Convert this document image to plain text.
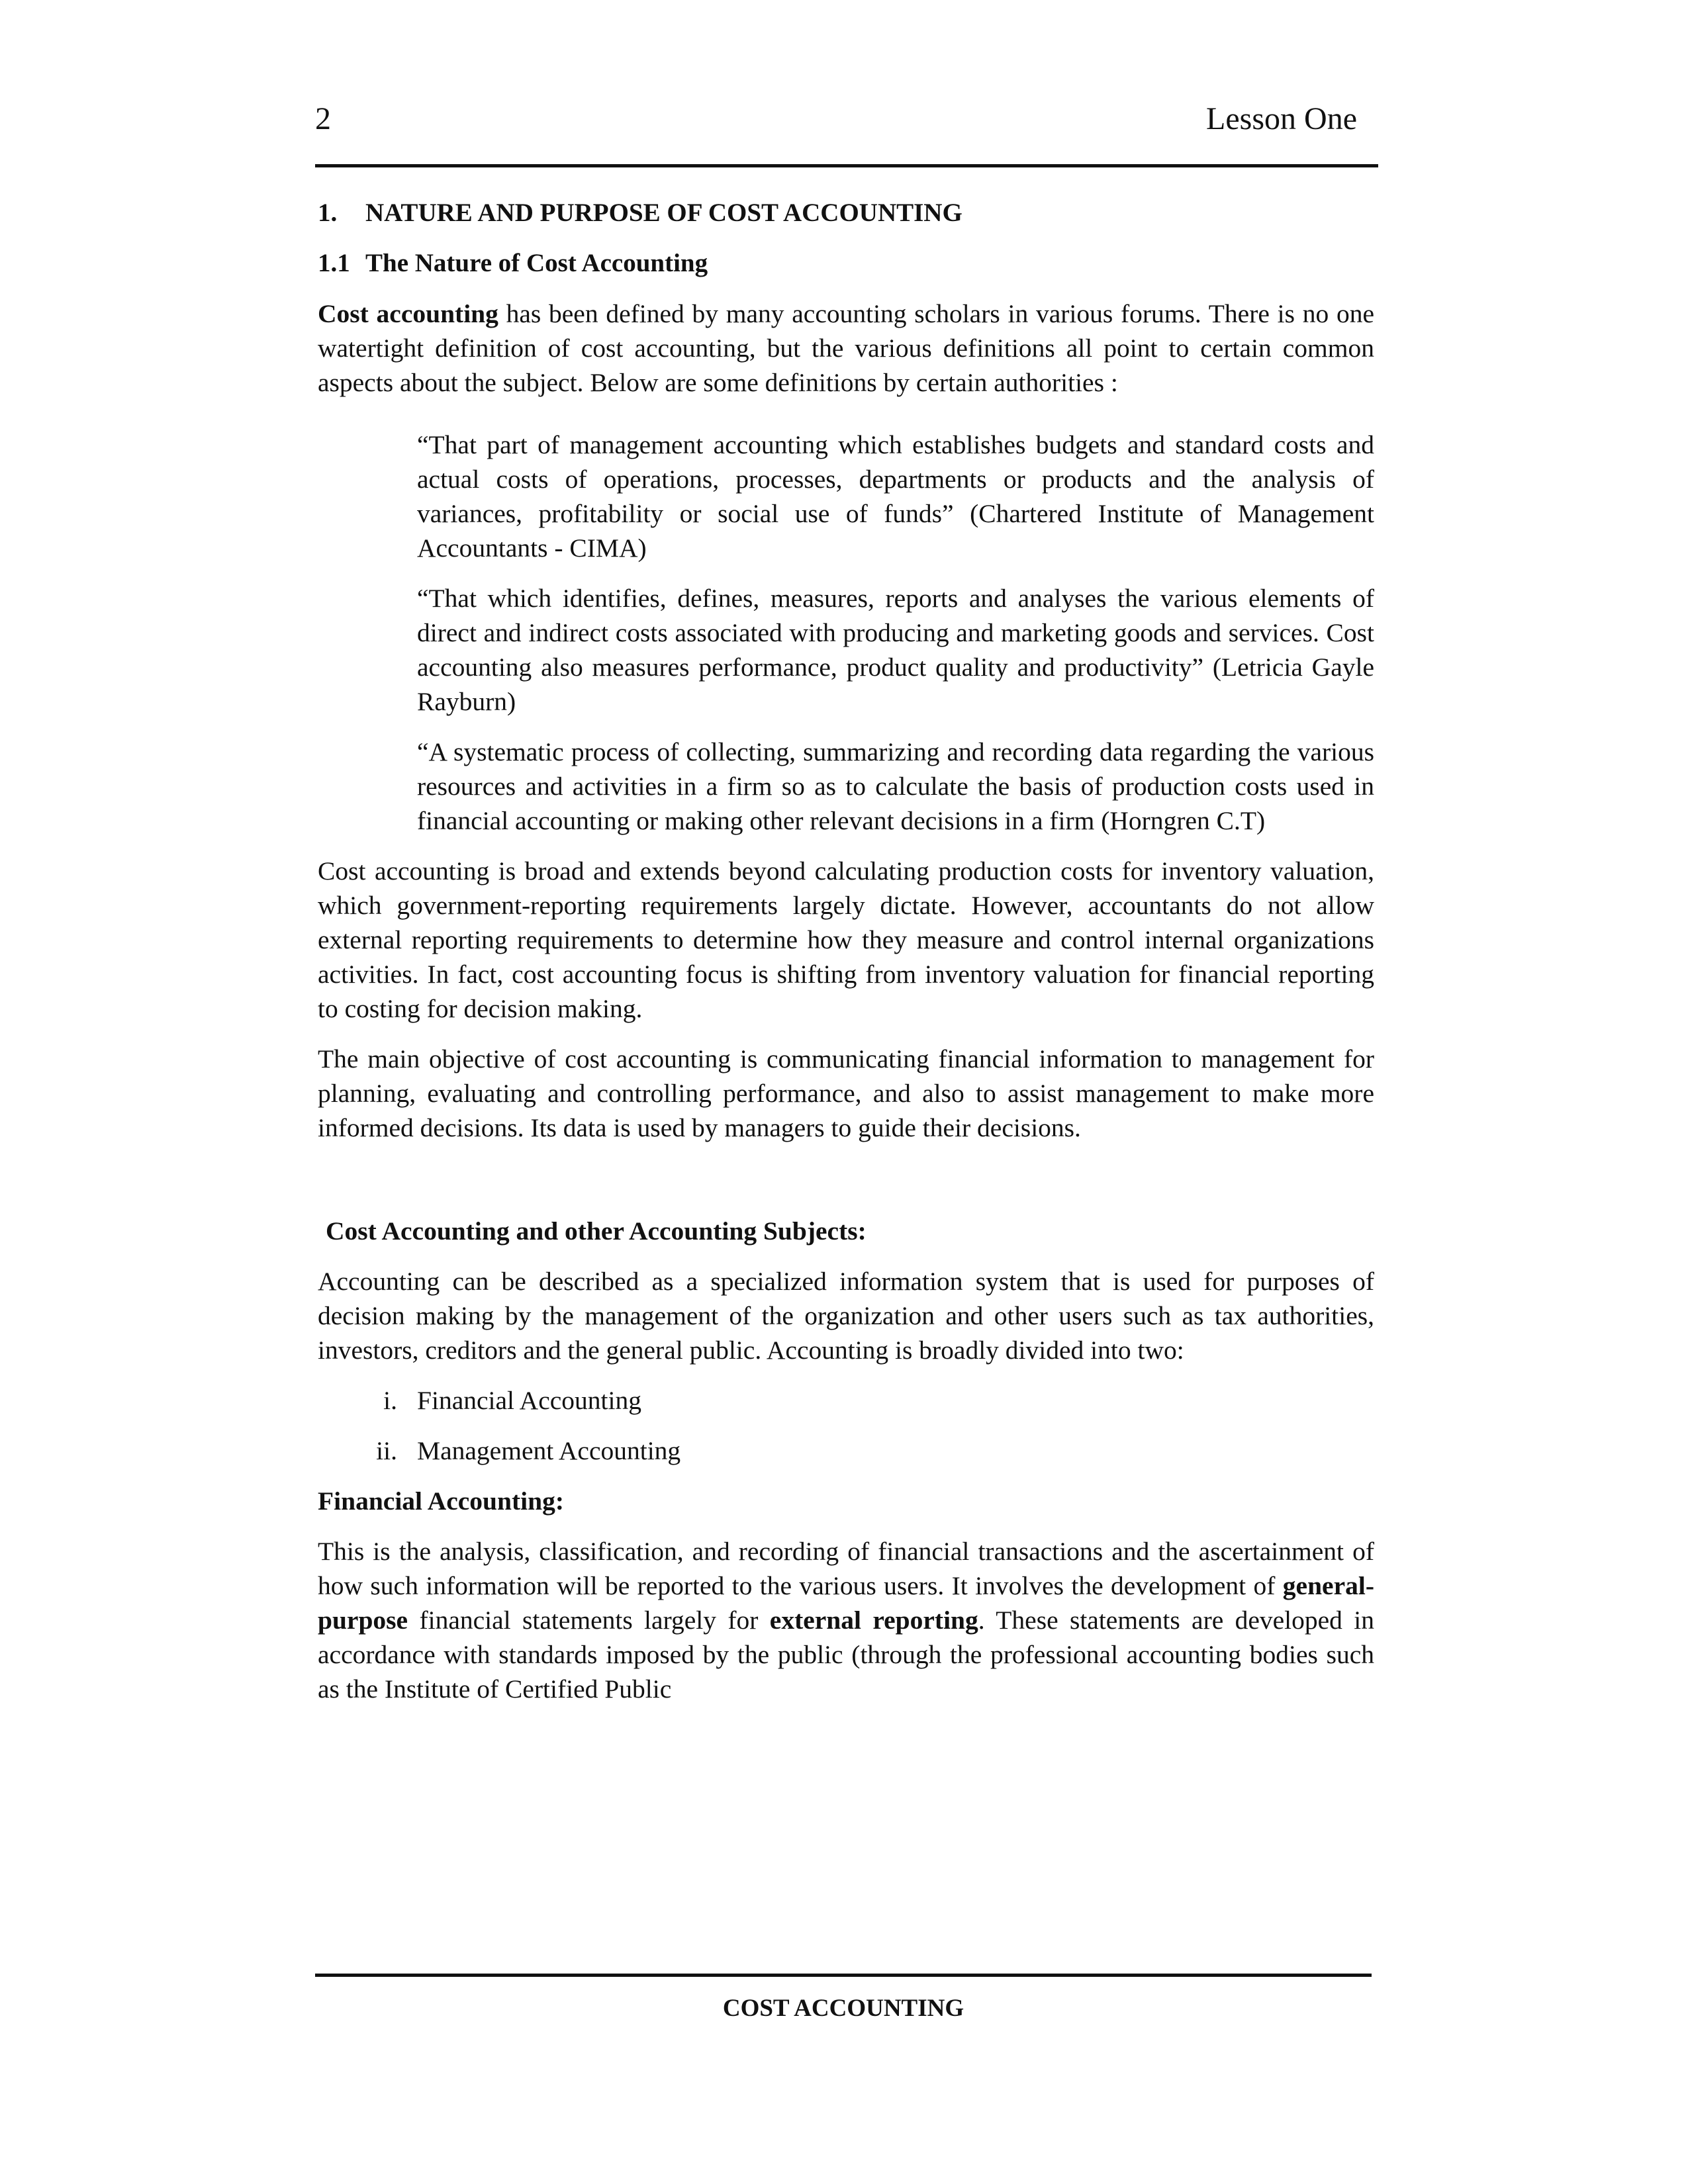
2	Lesson One
1. NATURE AND PURPOSE OF COST ACCOUNTING
1.1 The Nature of Cost Accounting

Cost accounting has been defined by many accounting scholars in various forums. There is no one watertight definition of cost accounting, but the various definitions all point to certain common aspects about the subject. Below are some definitions by certain authorities :

“That part of management accounting which establishes budgets and standard costs and actual costs of operations, processes, departments or products and the analysis of variances, profitability or social use of funds” (Chartered Institute of Management Accountants - CIMA)

“That which identifies, defines, measures, reports and analyses the various elements of direct and indirect costs associated with producing and marketing goods and services. Cost accounting also measures performance, product quality and productivity” (Letricia Gayle Rayburn)

“A systematic process of collecting, summarizing and recording data regarding the various resources and activities in a firm so as to calculate the basis of production costs used in financial accounting or making other relevant decisions in a firm (Horngren C.T)

Cost accounting is broad and extends beyond calculating production costs for inventory valuation, which government-reporting requirements largely dictate. However, accountants do not allow external reporting requirements to determine how they measure and control internal organizations activities. In fact, cost accounting focus is shifting from inventory valuation for financial reporting to costing for decision making.

The main objective of cost accounting is communicating financial information to management for planning, evaluating and controlling performance, and also to assist management to make more informed decisions. Its data is used by managers to guide their decisions.

Cost Accounting and other Accounting Subjects:

Accounting can be described as a specialized information system that is used for purposes of decision making by the management of the organization and other users such as tax authorities, investors, creditors and the general public. Accounting is broadly divided into two:

i. Financial Accounting
ii. Management Accounting
Financial Accounting:

This is the analysis, classification, and recording of financial transactions and the ascertainment of how such information will be reported to the various users. It involves the development of general-purpose financial statements largely for external reporting. These statements are developed in accordance with standards imposed by the public (through the professional accounting bodies such as the Institute of Certified Public

COST ACCOUNTING
